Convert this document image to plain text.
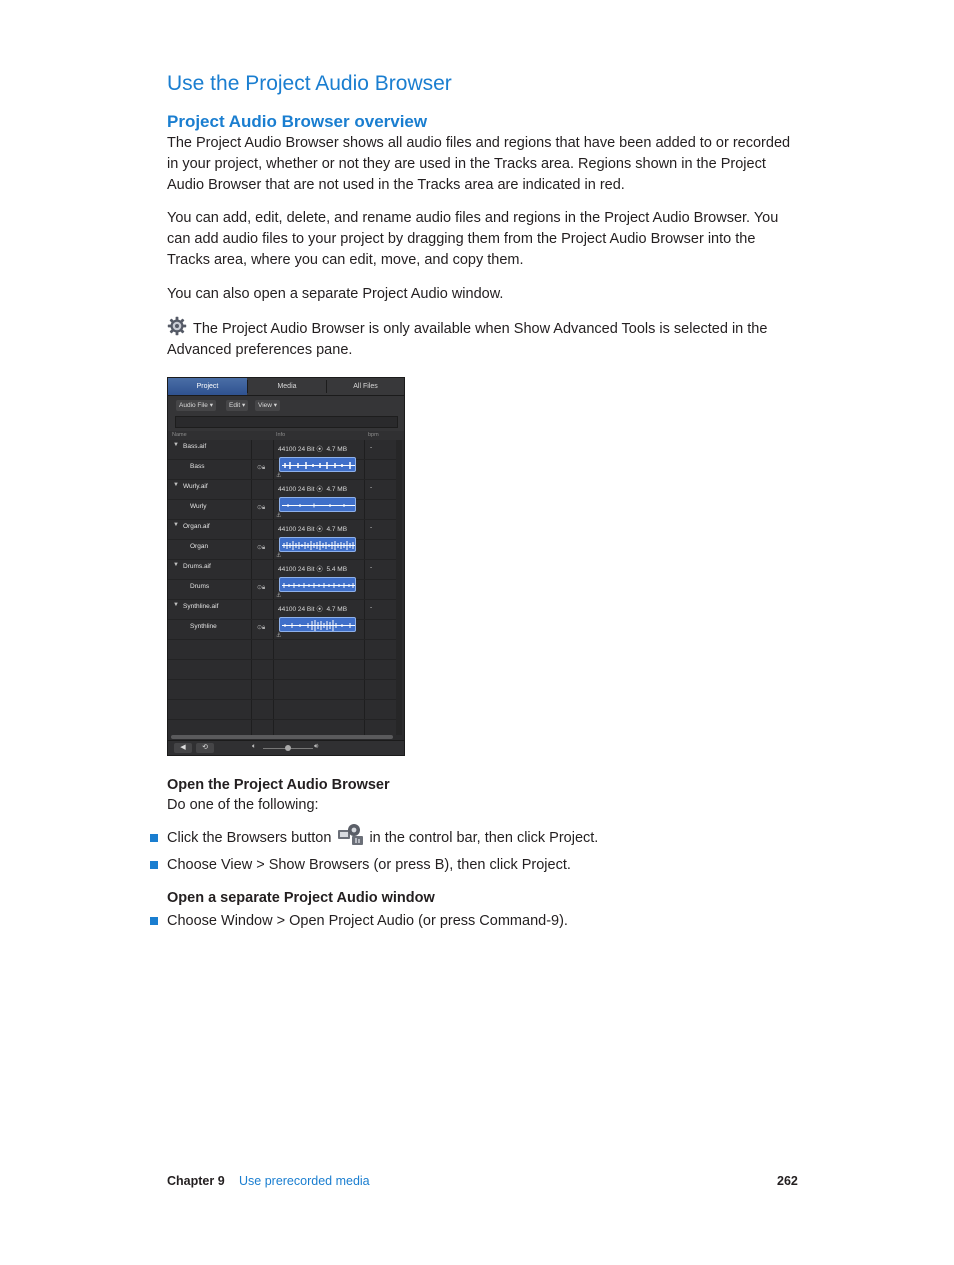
Use the Project Audio Browser
Project Audio Browser overview

The Project Audio Browser shows all audio files and regions that have been added to or recorded
in your project, whether or not they are used in the Tracks area. Regions shown in the Project
Audio Browser that are not used in the Tracks area are indicated in red.

You can add, edit, delete, and rename audio files and regions in the Project Audio Browser. You
can add audio files to your project by dragging them from the Project Audio Browser into the
Tracks area, where you can edit, move, and copy them.

You can also open a separate Project Audio window.

The Project Audio Browser is only available when Show Advanced Tools is selected in the
Advanced preferences pane.

Project	Media	All Files
Audio File ▾	Edit ▾	View ▾
Name	Info	bpm
▼ Bass.aif	44100 24 Bit ⦿  4.7 MB	-
Bass	⊙🔒︎
⚓︎
▼ Wurly.aif	44100 24 Bit ⦿  4.7 MB	-
Wurly	⊙🔒︎
⚓︎
▼ Organ.aif	44100 24 Bit ⦿  4.7 MB	-
Organ	⊙🔒︎
⚓︎
▼ Drums.aif	44100 24 Bit ⦿  5.4 MB	-
Drums	⊙🔒︎
⚓︎
▼ Synthline.aif	44100 24 Bit ⦿  4.7 MB	-
Synthline	⊙🔒︎
⚓︎
◀	⟲	🔈︎	🔊︎
Open the Project Audio Browser
Do one of the following:
Click the Browsers button	in the control bar, then click Project.
Choose View > Show Browsers (or press B), then click Project.
Open a separate Project Audio window
Choose Window > Open Project Audio (or press Command-9).
Chapter 9 Use prerecorded media	262
